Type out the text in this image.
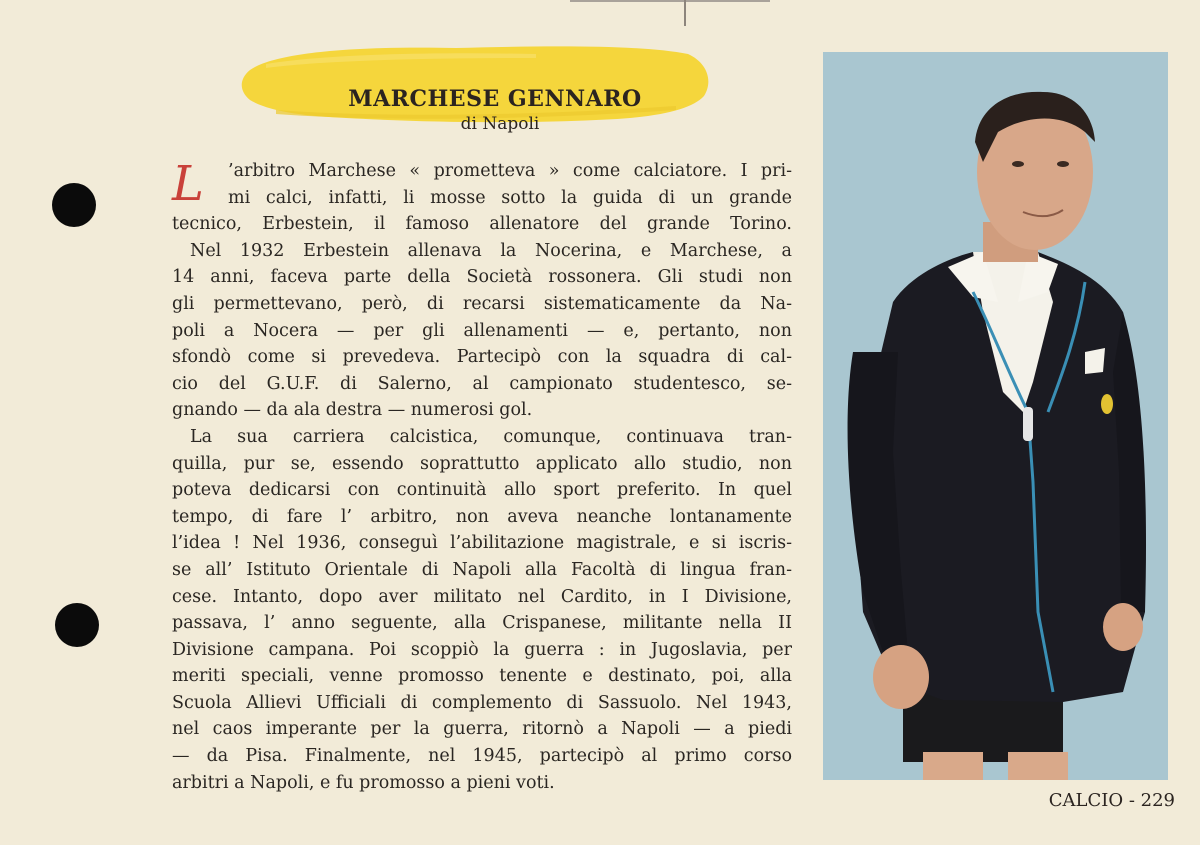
MARCHESE GENNARO
di Napoli
L	’arbitro Marchese « prometteva » come calciatore. I pri-
mi calci, infatti, li mosse sotto la guida di un grande
tecnico, Erbestein, il famoso allenatore del grande Torino.
Nel 1932 Erbestein allenava la Nocerina, e Marchese, a
14 anni, faceva parte della Società rossonera. Gli studi non
gli permettevano, però, di recarsi sistematicamente da Na-
poli a Nocera — per gli allenamenti — e, pertanto, non
sfondò come si prevedeva. Partecipò con la squadra di cal-
cio del G.U.F. di Salerno, al campionato studentesco, se-
gnando — da ala destra — numerosi gol.
La sua carriera calcistica, comunque, continuava tran-
quilla, pur se, essendo soprattutto applicato allo studio, non
poteva dedicarsi con continuità allo sport preferito. In quel
tempo, di fare l’ arbitro, non aveva neanche lontanamente
l’idea ! Nel 1936, conseguì l’abilitazione magistrale, e si iscris-
se all’ Istituto Orientale di Napoli alla Facoltà di lingua fran-
cese. Intanto, dopo aver militato nel Cardito, in I Divisione,
passava, l’ anno seguente, alla Crispanese, militante nella II
Divisione campana. Poi scoppiò la guerra : in Jugoslavia, per
meriti speciali, venne promosso tenente e destinato, poi, alla
Scuola Allievi Ufficiali di complemento di Sassuolo. Nel 1943,
nel caos imperante per la guerra, ritornò a Napoli — a piedi
— da Pisa. Finalmente, nel 1945, partecipò al primo corso
arbitri a Napoli, e fu promosso a pieni voti.
CALCIO - 229
